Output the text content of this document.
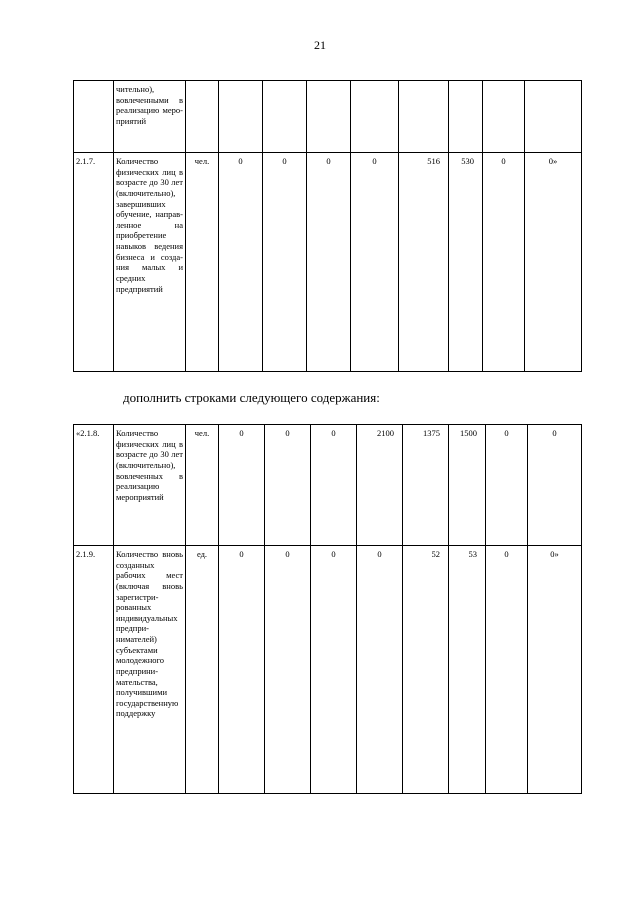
21
	чительно), вовлеченными в реализацию мероприятий									
2.1.7.	Количество физических лиц в возрасте до 30 лет (включительно), завершивших обучение, направленное на приобретение навыков ведения бизнеса и создания малых и средних предприятий	чел.	0	0	0	0	516	530	0	0»
дополнить строками следующего содержания:
«2.1.8.	Количество физических лиц в возрасте до 30 лет (включительно), вовлеченных в реализацию мероприятий	чел.	0	0	0	2100	1375	1500	0	0
2.1.9.	Количество вновь созданных рабочих мест (включая вновь зарегистрированных индивидуальных предпринимателей) субъектами молодежного предпринимательства, получившими государственную поддержку	ед.	0	0	0	0	52	53	0	0»
